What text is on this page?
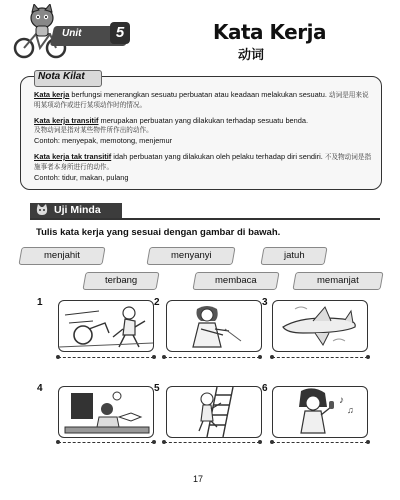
Unit	5	Kata Kerja
动词
Nota Kilat
Kata kerja berfungsi menerangkan sesuatu perbuatan atau keadaan melakukan sesuatu. 动词是用来说明某项动作或进行某项动作时的情况。
Kata kerja transitif merupakan perbuatan yang dilakukan terhadap sesuatu benda.
及物动词是指对某些物件所作出的动作。
Contoh: menyepak, memotong, menjemur
Kata kerja tak transitif idah perbuatan yang dilakukan oleh pelaku terhadap diri sendiri. 不及物动词是指施事者本身所进行的动作。
Contoh: tidur, makan, pulang
Uji Minda
Tulis kata kerja yang sesuai dengan gambar di bawah.
menjahit	menyanyi	jatuh
terbang	membaca	memanjat
1	2	3
4	5	6
♪
♫
17
